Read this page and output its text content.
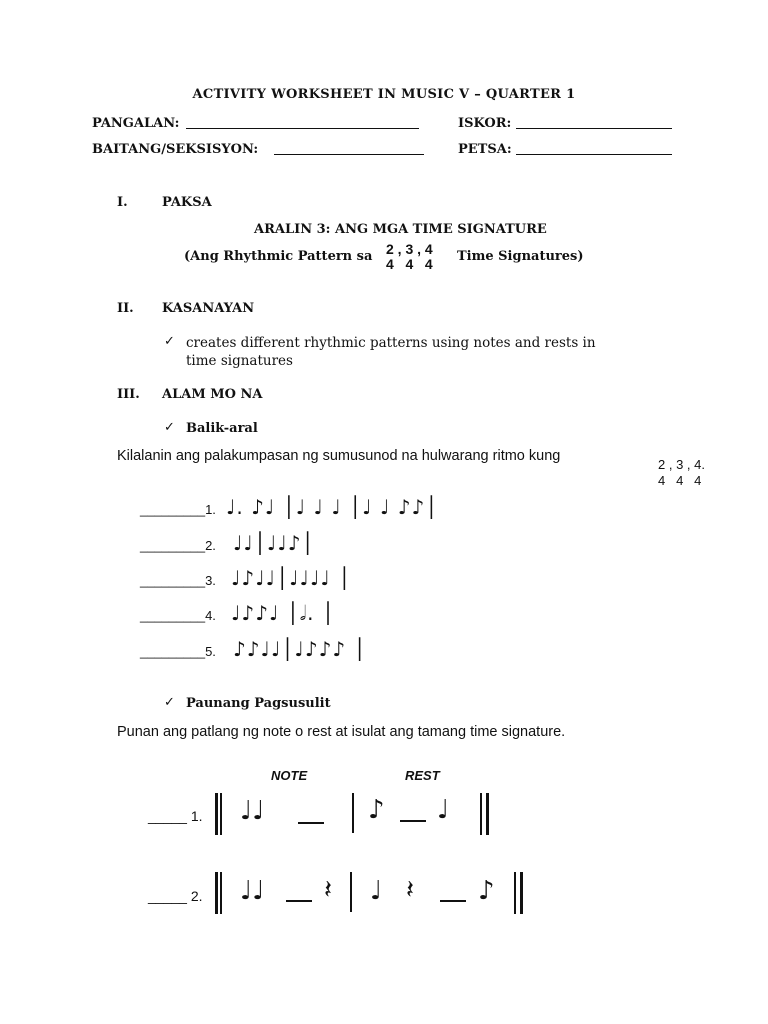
ACTIVITY WORKSHEET IN MUSIC V – QUARTER 1
PANGALAN:	ISKOR:
BAITANG/SEKSISYON:	PETSA:
I.	PAKSA
ARALIN 3: ANG MGA TIME SIGNATURE
(Ang Rhythmic Pattern sa 2 , 3 , 4
4   4   4 Time Signatures)
II. KASANAYAN
✓ creates different rhythmic patterns using notes and rests in
time signatures
III. ALAM MO NA
✓ Balik-aral
Kilalanin ang palakumpasan ng sumusunod na hulwarang ritmo kung
2 , 3 , 4.
4   4   4
_________1. ♩. ♪♩ │♩ ♩ ♩ │♩ ♩ ♪♪│
_________2. ♩♩│♩♩♪│
_________3. ♩♪♩♩│♩♩♩♩ │
_________4. ♩♪♪♩ │𝅗𝅥. │
_________5. ♪♪♩♩│♩♪♪♪ │
✓ Paunang Pagsusulit
Punan ang patlang ng note o rest at isulat ang tamang time signature.
NOTE	REST
_____ 1. ♩♩	♪ ♩
_____ 2. ♩♩ 𝄽 ♩ 𝄽 ♪
